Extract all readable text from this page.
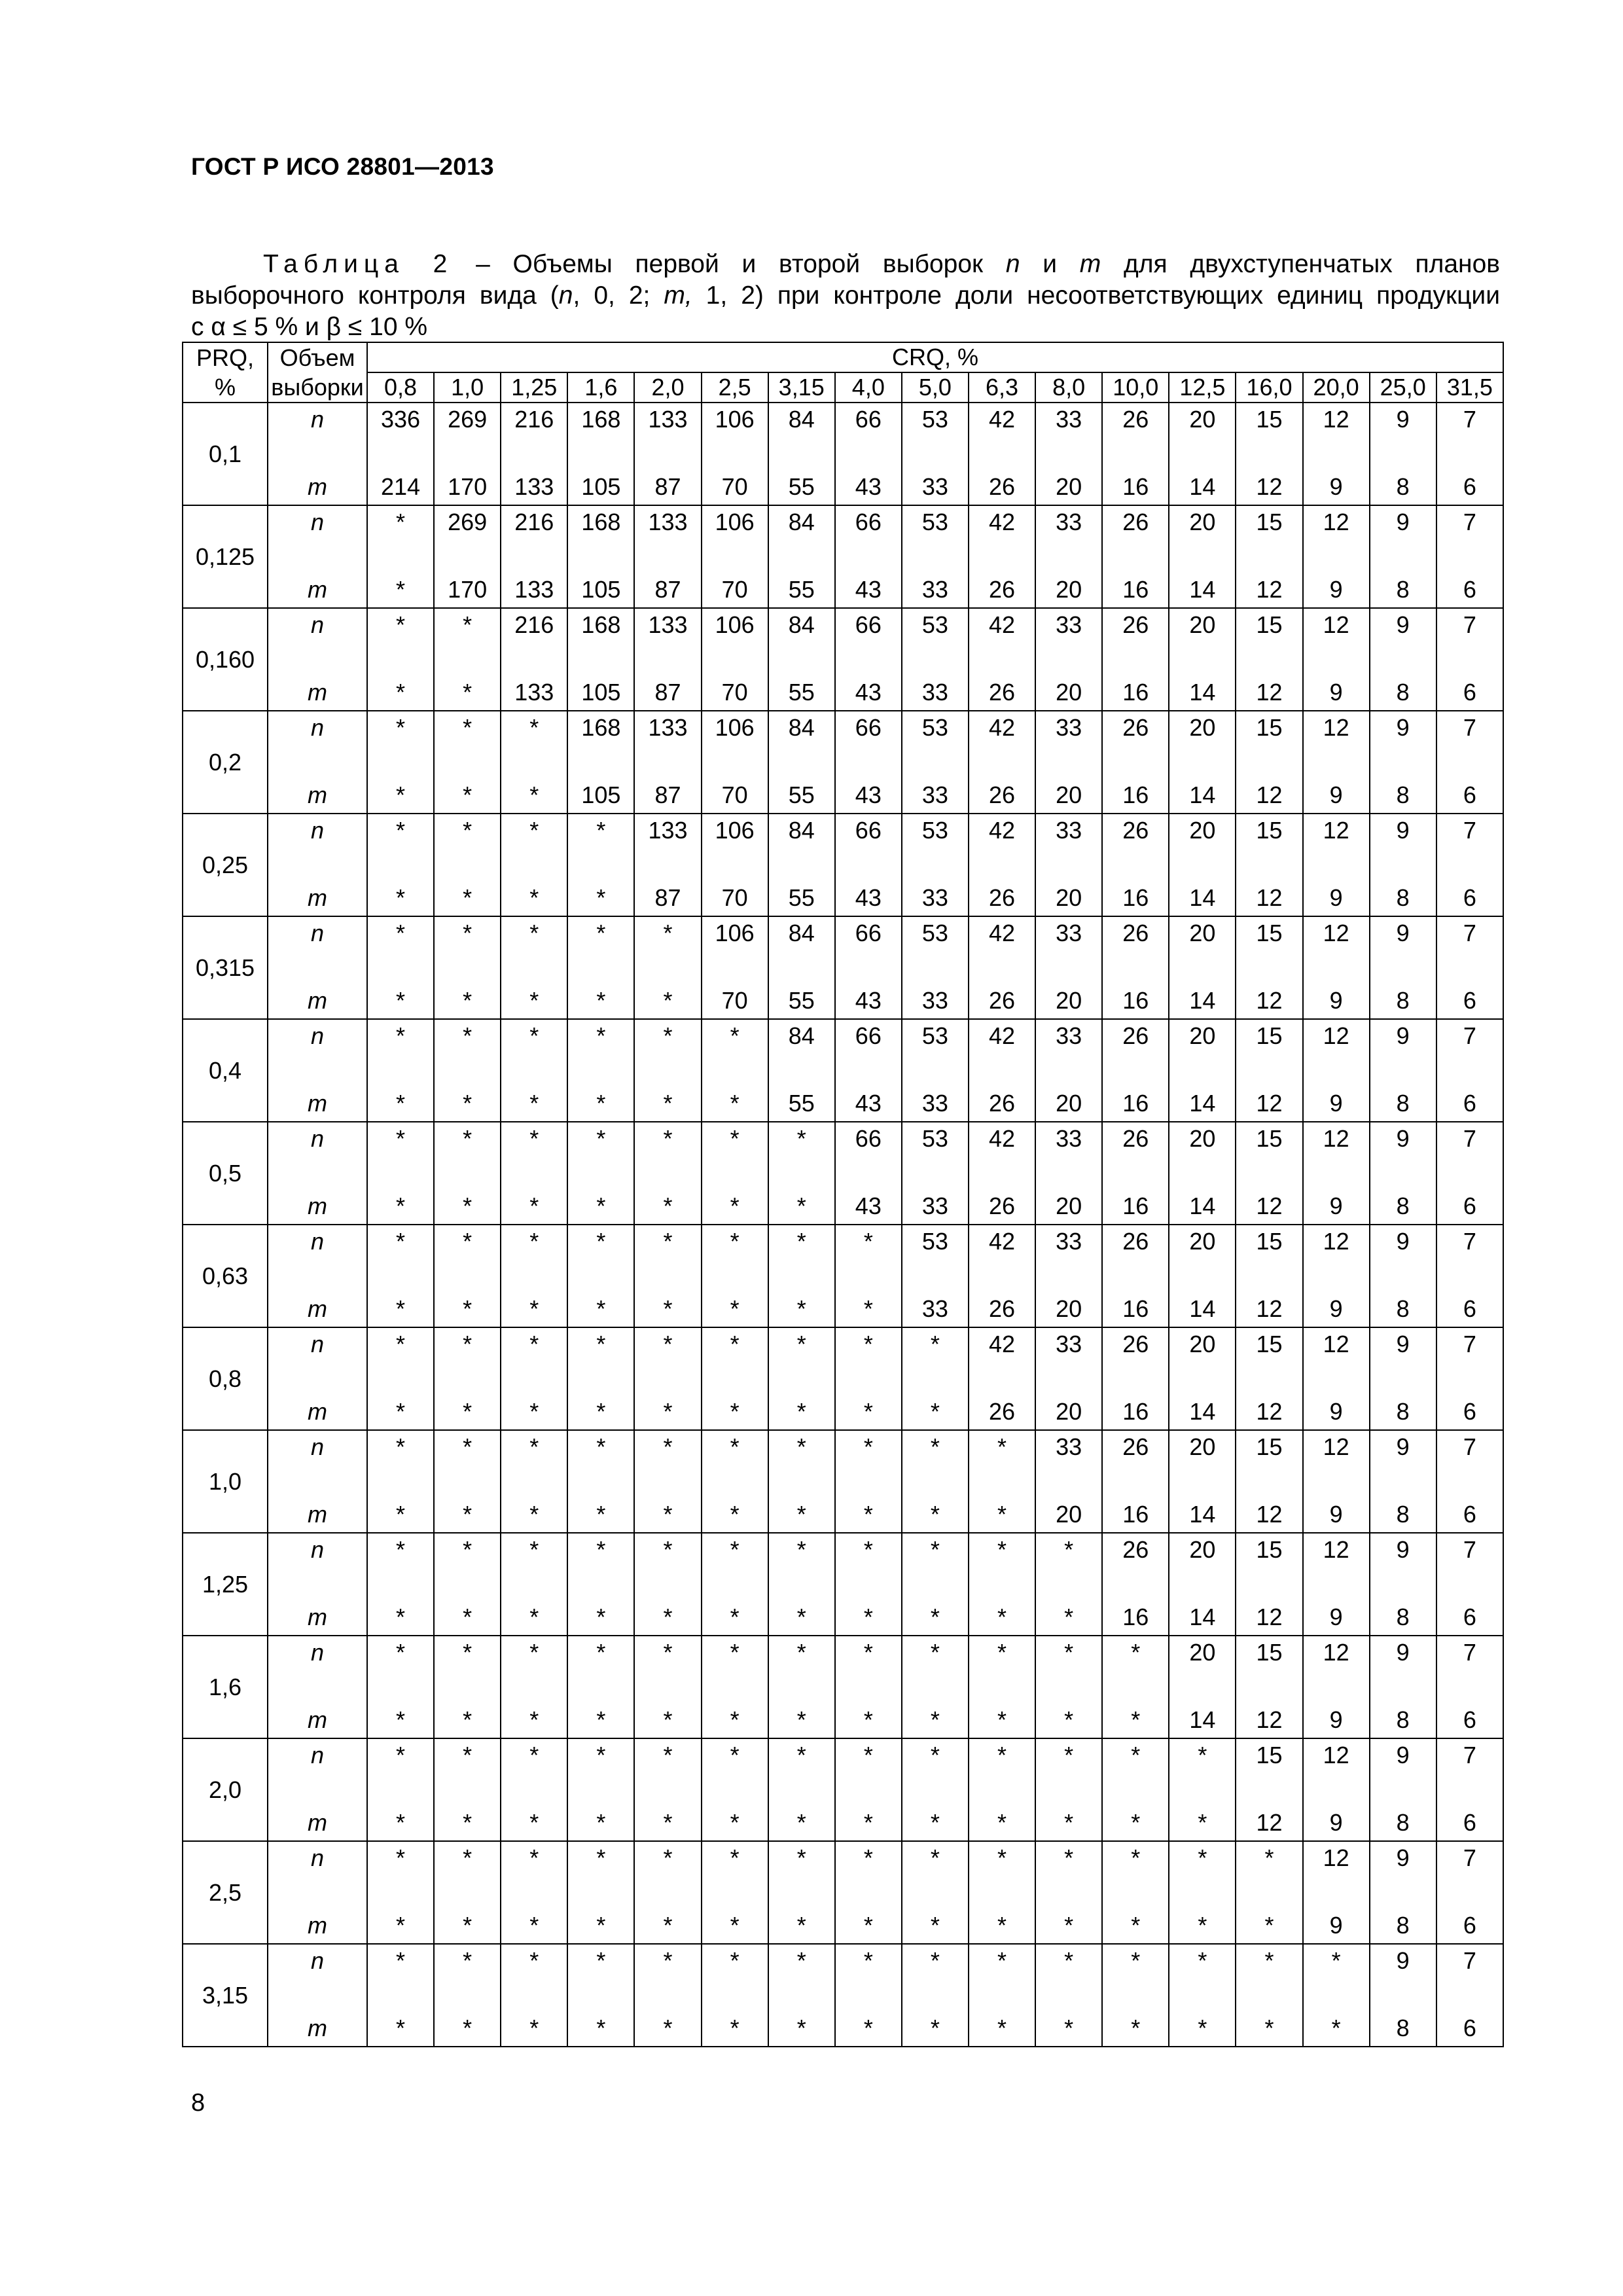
ГОСТ Р ИСО 28801—2013

Таблица 2 – Объемы первой и второй выборок n и m для двухступенчатых планов

выборочного контроля вида (n, 0, 2; m, 1, 2) при контроле доли несоответствующих единиц продукции

с α ≤ 5 % и β ≤ 10 %

PRQ,	Объем	CRQ, %																
%	выборки	0,8	1,0	1,25	1,6	2,0	2,5	3,15	4,0	5,0	6,3	8,0	10,0	12,5	16,0	20,0	25,0	31,5
0,1	n	336	269	216	168	133	106	84	66	53	42	33	26	20	15	12	9	7
	m	214	170	133	105	87	70	55	43	33	26	20	16	14	12	9	8	6
0,125	n	*	269	216	168	133	106	84	66	53	42	33	26	20	15	12	9	7
	m	*	170	133	105	87	70	55	43	33	26	20	16	14	12	9	8	6
0,160	n	*	*	216	168	133	106	84	66	53	42	33	26	20	15	12	9	7
	m	*	*	133	105	87	70	55	43	33	26	20	16	14	12	9	8	6
0,2	n	*	*	*	168	133	106	84	66	53	42	33	26	20	15	12	9	7
	m	*	*	*	105	87	70	55	43	33	26	20	16	14	12	9	8	6
0,25	n	*	*	*	*	133	106	84	66	53	42	33	26	20	15	12	9	7
	m	*	*	*	*	87	70	55	43	33	26	20	16	14	12	9	8	6
0,315	n	*	*	*	*	*	106	84	66	53	42	33	26	20	15	12	9	7
	m	*	*	*	*	*	70	55	43	33	26	20	16	14	12	9	8	6
0,4	n	*	*	*	*	*	*	84	66	53	42	33	26	20	15	12	9	7
	m	*	*	*	*	*	*	55	43	33	26	20	16	14	12	9	8	6
0,5	n	*	*	*	*	*	*	*	66	53	42	33	26	20	15	12	9	7
	m	*	*	*	*	*	*	*	43	33	26	20	16	14	12	9	8	6
0,63	n	*	*	*	*	*	*	*	*	53	42	33	26	20	15	12	9	7
	m	*	*	*	*	*	*	*	*	33	26	20	16	14	12	9	8	6
0,8	n	*	*	*	*	*	*	*	*	*	42	33	26	20	15	12	9	7
	m	*	*	*	*	*	*	*	*	*	26	20	16	14	12	9	8	6
1,0	n	*	*	*	*	*	*	*	*	*	*	33	26	20	15	12	9	7
	m	*	*	*	*	*	*	*	*	*	*	20	16	14	12	9	8	6
1,25	n	*	*	*	*	*	*	*	*	*	*	*	26	20	15	12	9	7
	m	*	*	*	*	*	*	*	*	*	*	*	16	14	12	9	8	6
1,6	n	*	*	*	*	*	*	*	*	*	*	*	*	20	15	12	9	7
	m	*	*	*	*	*	*	*	*	*	*	*	*	14	12	9	8	6
2,0	n	*	*	*	*	*	*	*	*	*	*	*	*	*	15	12	9	7
	m	*	*	*	*	*	*	*	*	*	*	*	*	*	12	9	8	6
2,5	n	*	*	*	*	*	*	*	*	*	*	*	*	*	*	12	9	7
	m	*	*	*	*	*	*	*	*	*	*	*	*	*	*	9	8	6
3,15	n	*	*	*	*	*	*	*	*	*	*	*	*	*	*	*	9	7
	m	*	*	*	*	*	*	*	*	*	*	*	*	*	*	*	8	6
8
